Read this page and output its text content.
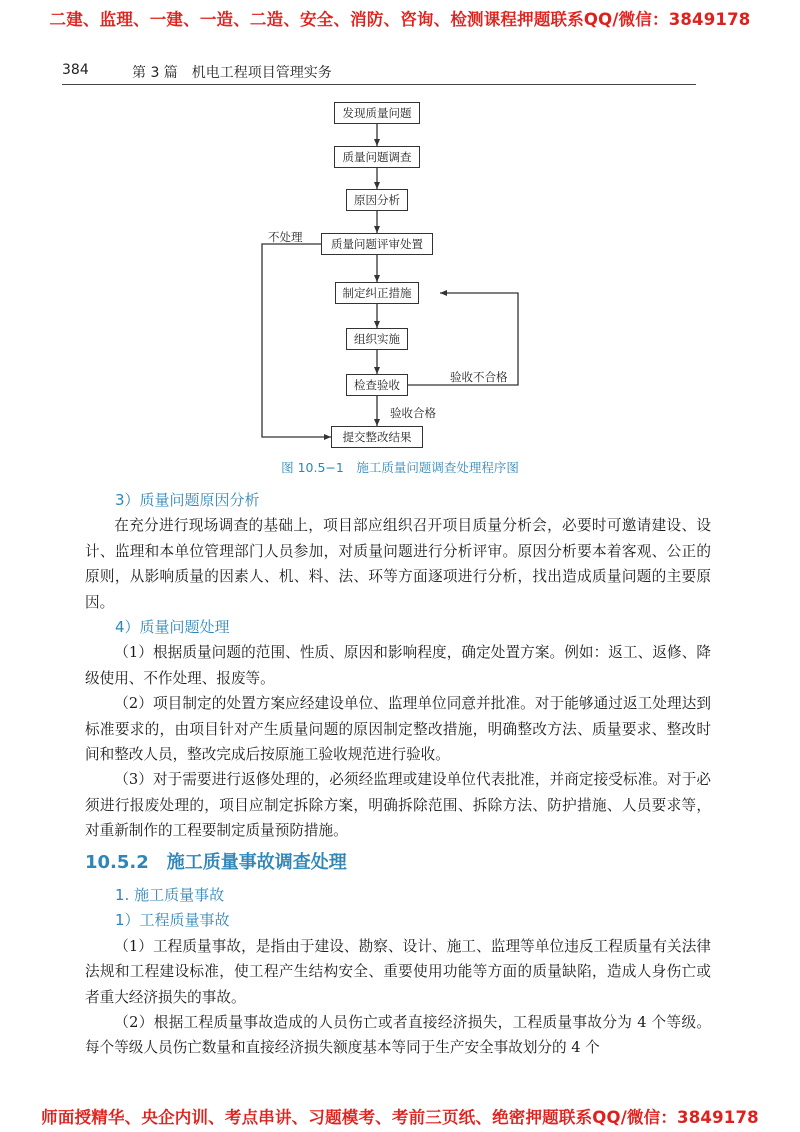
二建、监理、一建、一造、二造、安全、消防、咨询、检测课程押题联系QQ/微信：3849178
384	第 3 篇　机电工程项目管理实务
发现质量问题
质量问题调查
原因分析
质量问题评审处置
制定纠正措施
组织实施
检查验收
提交整改结果
不处理
验收不合格
验收合格
图 10.5−1　施工质量问题调查处理程序图
3）质量问题原因分析

在充分进行现场调查的基础上，项目部应组织召开项目质量分析会，必要时可邀请建设、设计、监理和本单位管理部门人员参加，对质量问题进行分析评审。原因分析要本着客观、公正的原则，从影响质量的因素人、机、料、法、环等方面逐项进行分析，找出造成质量问题的主要原因。

4）质量问题处理

（1）根据质量问题的范围、性质、原因和影响程度，确定处置方案。例如：返工、返修、降级使用、不作处理、报废等。

（2）项目制定的处置方案应经建设单位、监理单位同意并批准。对于能够通过返工处理达到标准要求的，由项目针对产生质量问题的原因制定整改措施，明确整改方法、质量要求、整改时间和整改人员，整改完成后按原施工验收规范进行验收。

（3）对于需要进行返修处理的，必须经监理或建设单位代表批准，并商定接受标准。对于必须进行报废处理的，项目应制定拆除方案，明确拆除范围、拆除方法、防护措施、人员要求等，对重新制作的工程要制定质量预防措施。

10.5.2 施工质量事故调查处理
1. 施工质量事故
1）工程质量事故

（1）工程质量事故，是指由于建设、勘察、设计、施工、监理等单位违反工程质量有关法律法规和工程建设标准，使工程产生结构安全、重要使用功能等方面的质量缺陷，造成人身伤亡或者重大经济损失的事故。

（2）根据工程质量事故造成的人员伤亡或者直接经济损失，工程质量事故分为 4 个等级。每个等级人员伤亡数量和直接经济损失额度基本等同于生产安全事故划分的 4 个

师面授精华、央企内训、考点串讲、习题模考、考前三页纸、绝密押题联系QQ/微信：3849178
